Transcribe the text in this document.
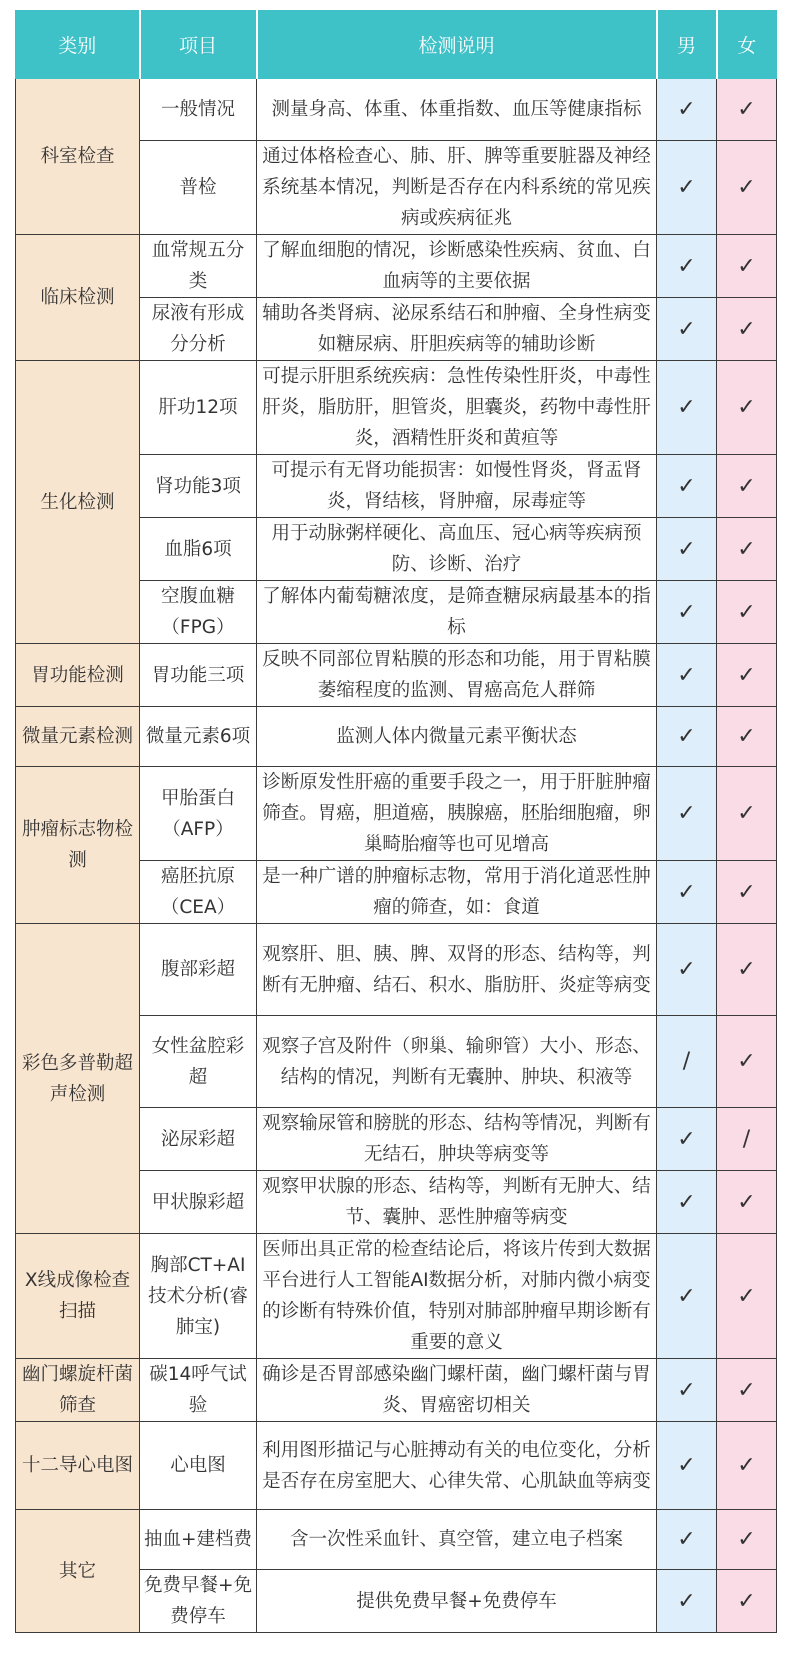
类别	项目	检测说明	男	女
科室检查	一般情况	测量身高、体重、体重指数、血压等健康指标	✓	✓
	普检	通过体格检查心、肺、肝、脾等重要脏器及神经系统基本情况，判断是否存在内科系统的常见疾病或疾病征兆	✓	✓
临床检测	血常规五分类	了解血细胞的情况，诊断感染性疾病、贫血、白血病等的主要依据	✓	✓
	尿液有形成分分析	辅助各类肾病、泌尿系结石和肿瘤、全身性病变如糖尿病、肝胆疾病等的辅助诊断	✓	✓
生化检测	肝功12项	可提示肝胆系统疾病：急性传染性肝炎，中毒性肝炎，脂肪肝，胆管炎，胆囊炎，药物中毒性肝炎，酒精性肝炎和黄疸等	✓	✓
	肾功能3项	可提示有无肾功能损害：如慢性肾炎，肾盂肾炎，肾结核，肾肿瘤，尿毒症等	✓	✓
	血脂6项	用于动脉粥样硬化、高血压、冠心病等疾病预防、诊断、治疗	✓	✓
	空腹血糖（FPG）	了解体内葡萄糖浓度，是筛查糖尿病最基本的指标	✓	✓
胃功能检测	胃功能三项	反映不同部位胃粘膜的形态和功能，用于胃粘膜萎缩程度的监测、胃癌高危人群筛	✓	✓
微量元素检测	微量元素6项	监测人体内微量元素平衡状态	✓	✓
肿瘤标志物检测	甲胎蛋白（AFP）	诊断原发性肝癌的重要手段之一，用于肝脏肿瘤筛查。胃癌，胆道癌，胰腺癌，胚胎细胞瘤，卵巢畸胎瘤等也可见增高	✓	✓
	癌胚抗原（CEA）	是一种广谱的肿瘤标志物，常用于消化道恶性肿瘤的筛查，如：食道	✓	✓
彩色多普勒超声检测	腹部彩超	观察肝、胆、胰、脾、双肾的形态、结构等，判断有无肿瘤、结石、积水、脂肪肝、炎症等病变	✓	✓
	女性盆腔彩超	观察子宫及附件（卵巢、输卵管）大小、形态、结构的情况，判断有无囊肿、肿块、积液等	/	✓
	泌尿彩超	观察输尿管和膀胱的形态、结构等情况，判断有无结石，肿块等病变等	✓	/
	甲状腺彩超	观察甲状腺的形态、结构等，判断有无肿大、结节、囊肿、恶性肿瘤等病变	✓	✓
X线成像检查扫描	胸部CT+AI技术分析(睿肺宝)	医师出具正常的检查结论后，将该片传到大数据平台进行人工智能AI数据分析，对肺内微小病变的诊断有特殊价值，特别对肺部肿瘤早期诊断有重要的意义	✓	✓
幽门螺旋杆菌筛查	碳14呼气试验	确诊是否胃部感染幽门螺杆菌，幽门螺杆菌与胃炎、胃癌密切相关	✓	✓
十二导心电图	心电图	利用图形描记与心脏搏动有关的电位变化，分析是否存在房室肥大、心律失常、心肌缺血等病变	✓	✓
其它	抽血+建档费	含一次性采血针、真空管，建立电子档案	✓	✓
	免费早餐+免费停车	提供免费早餐+免费停车	✓	✓
